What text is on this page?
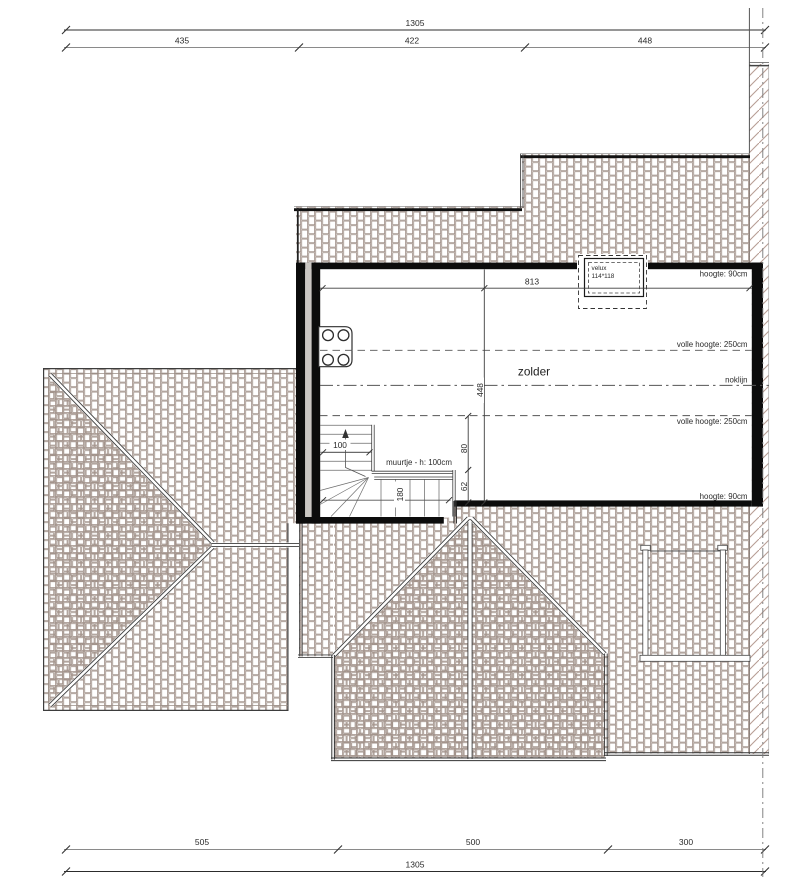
1305
435	422	448
505	500	300
1305
velux
114*118	hoogte: 90cm
volle hoogte: 250cm
noklijn
volle hoogte: 250cm
hoogte: 90cm
813
zolder
100
180
muurtje - h: 100cm
448
80
62
